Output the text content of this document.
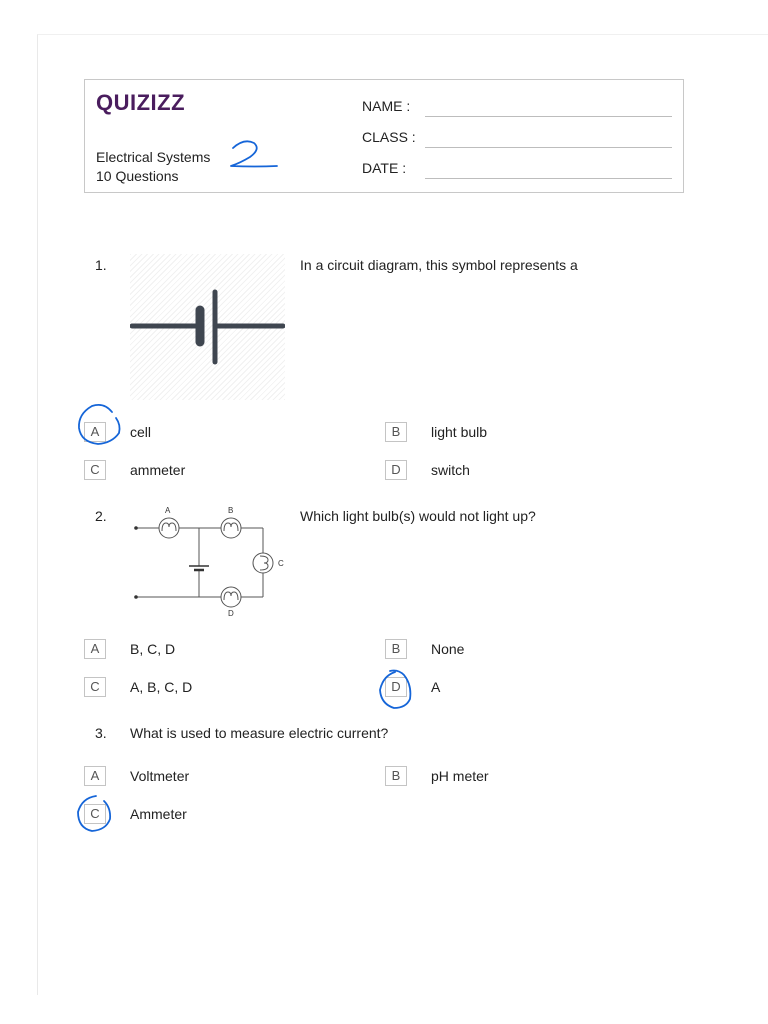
QUIZIZZ
Electrical Systems
10 Questions
NAME :
CLASS :
DATE :
1.	In a circuit diagram, this symbol represents a
A	cell	B	light bulb
C	ammeter	D	switch
2.	A	B
C
D
Which light bulb(s) would not light up?
A	B, C, D	B	None
C	A, B, C, D	D	A
3. What is used to measure electric current?
A	Voltmeter	B	pH meter
C	Ammeter
